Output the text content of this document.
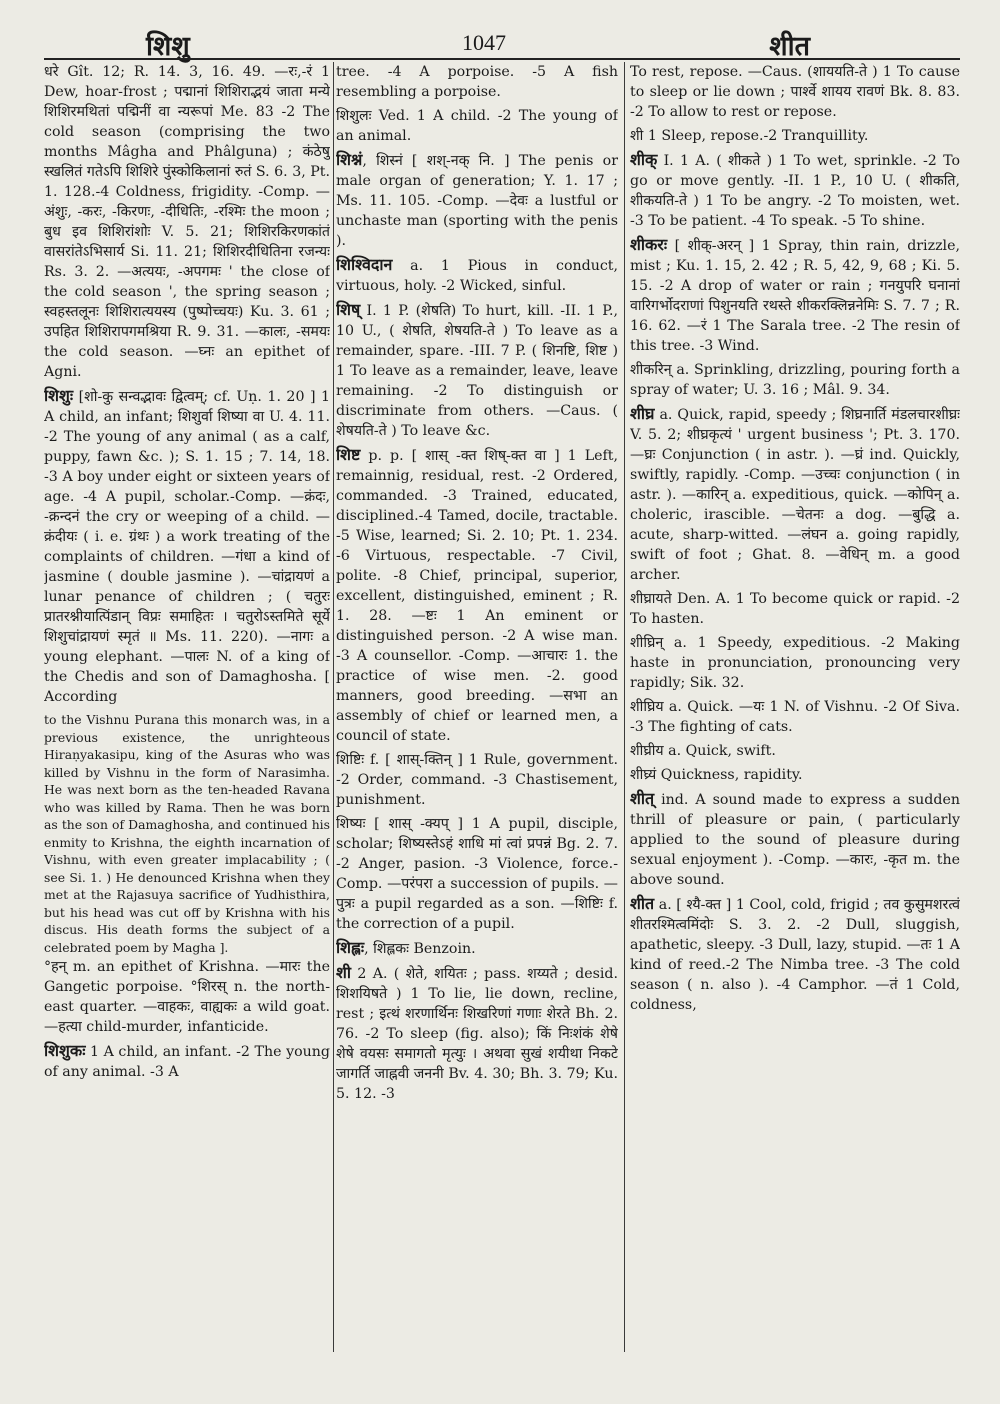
शिशु	1047	शीत

धरे Gît. 12; R. 14. 3, 16. 49. —रः,-रं 1 Dew, hoar-frost ; पद्मानां शिशिराद्भयं जाता मन्ये शिशिरमथितां पद्मिनीं वा न्यरूपां Me. 83 -2 The cold season (comprising the two months Mâgha and Phâlguna) ; कंठेषु स्खलितं गतेऽपि शिशिरे पुंस्कोकिलानां रुतं S. 6. 3, Pt. 1. 128.-4 Coldness, frigidity. -Comp. —अंशुः, -करः, -किरणः, -दीधितिः, -रश्मिः the moon ; बुध इव शिशिरांशोः V. 5. 21; शिशिरकिरणकांतं वासरांतेऽभिसार्य Si. 11. 21; शिशिरदीधितिना रजन्यः Rs. 3. 2. —अत्ययः, -अपगमः ' the close of the cold season ', the spring season ; स्वहस्तलूनः शिशिरात्ययस्य (पुष्पोच्चयः) Ku. 3. 61 ; उपहित शिशिरापगमश्रिया R. 9. 31. —कालः, -समयः the cold season. —घ्नः an epithet of Agni.

शिशुः [शो-कु सन्वद्भावः द्वित्वम्; cf. Uṇ. 1. 20 ] 1 A child, an infant; शिशुर्वा शिष्या वा U. 4. 11. -2 The young of any animal ( as a calf, puppy, fawn &c. ); S. 1. 15 ; 7. 14, 18. -3 A boy under eight or sixteen years of age. -4 A pupil, scholar.-Comp. —क्रंदः, -क्रन्दनं the cry or weeping of a child. —क्रंदीयः ( i. e. ग्रंथः ) a work treating of the complaints of children. —गंधा a kind of jasmine ( double jasmine ). —चांद्रायणं a lunar penance of children ; ( चतुरः प्रातरश्नीयात्पिंडान् विप्रः समाहितः । चतुरोऽस्तमिते सूर्ये शिशुचांद्रायणं स्मृतं ॥ Ms. 11. 220). —नागः a young elephant. —पालः N. of a king of the Chedis and son of Damaghosha. [ According

to the Vishnu Purana this monarch was, in a previous existence, the unrighteous Hiraṇyakasipu, king of the Asuras who was killed by Vishnu in the form of Narasimha. He was next born as the ten-headed Ravana who was killed by Rama. Then he was born as the son of Damaghosha, and continued his enmity to Krishna, the eighth incarnation of Vishnu, with even greater implacability ; ( see Si. 1. ) He denounced Krishna when they met at the Rajasuya sacrifice of Yudhisthira, but his head was cut off by Krishna with his discus. His death forms the subject of a celebrated poem by Magha ].

°हन् m. an epithet of Krishna. —मारः the Gangetic porpoise. °शिरस् n. the north-east quarter. —वाहकः, वाह्यकः a wild goat. —हत्या child-murder, infanticide.

शिशुकः 1 A child, an infant. -2 The young of any animal. -3 A

tree. -4 A porpoise. -5 A fish resembling a porpoise.

शिशुलः Ved. 1 A child. -2 The young of an animal.

शिश्नं, शिस्नं [ शश्-नक् नि. ] The penis or male organ of generation; Y. 1. 17 ; Ms. 11. 105. -Comp. —देवः a lustful or unchaste man (sporting with the penis ).

शिश्विदान a. 1 Pious in conduct, virtuous, holy. -2 Wicked, sinful.

शिष् I. 1 P. (शेषति) To hurt, kill. -II. 1 P., 10 U., ( शेषति, शेषयति-ते ) To leave as a remainder, spare. -III. 7 P. ( शिनष्टि, शिष्ट ) 1 To leave as a remainder, leave, leave remaining. -2 To distinguish or discriminate from others. —Caus. ( शेषयति-ते ) To leave &c.

शिष्ट p. p. [ शास् -क्त शिष्-क्त वा ] 1 Left, remainnig, residual, rest. -2 Ordered, commanded. -3 Trained, educated, disciplined.-4 Tamed, docile, tractable. -5 Wise, learned; Si. 2. 10; Pt. 1. 234. -6 Virtuous, respectable. -7 Civil, polite. -8 Chief, principal, superior, excellent, distinguished, eminent ; R. 1. 28. —ष्टः 1 An eminent or distinguished person. -2 A wise man. -3 A counsellor. -Comp. —आचारः 1. the practice of wise men. -2. good manners, good breeding. —सभा an assembly of chief or learned men, a council of state.

शिष्टिः f. [ शास्-क्तिन् ] 1 Rule, government. -2 Order, command. -3 Chastisement, punishment.

शिष्यः [ शास् -क्यप् ] 1 A pupil, disciple, scholar; शिष्यस्तेऽहं शाधि मां त्वां प्रपन्नं Bg. 2. 7. -2 Anger, pasion. -3 Violence, force.-Comp. —परंपरा a succession of pupils. —पुत्रः a pupil regarded as a son. —शिष्टिः f. the correction of a pupil.

शिह्लः, शिह्लकः Benzoin.

शी 2 A. ( शेते, शयितः ; pass. शय्यते ; desid. शिशयिषते ) 1 To lie, lie down, recline, rest ; इत्थं शरणार्थिनः शिखरिणां गणाः शेरते Bh. 2. 76. -2 To sleep (fig. also); किं निःशंकं शेषे शेषे वयसः समागतो मृत्युः । अथवा सुखं शयीथा निकटे जागर्ति जाह्नवी जननी Bv. 4. 30; Bh. 3. 79; Ku. 5. 12. -3

To rest, repose. —Caus. (शाययति-ते ) 1 To cause to sleep or lie down ; पार्श्वे शायय रावणं Bk. 8. 83. -2 To allow to rest or repose.

शी 1 Sleep, repose.-2 Tranquillity.

शीक् I. 1 A. ( शीकते ) 1 To wet, sprinkle. -2 To go or move gently. -II. 1 P., 10 U. ( शीकति, शीकयति-ते ) 1 To be angry. -2 To moisten, wet. -3 To be patient. -4 To speak. -5 To shine.

शीकरः [ शीक्-अरन् ] 1 Spray, thin rain, drizzle, mist ; Ku. 1. 15, 2. 42 ; R. 5, 42, 9, 68 ; Ki. 5. 15. -2 A drop of water or rain ; गनयुपरि घनानां वारिगर्भोदराणां पिशुनयति रथस्ते शीकरक्लिन्ननेमिः S. 7. 7 ; R. 16. 62. —रं 1 The Sarala tree. -2 The resin of this tree. -3 Wind.

शीकरिन् a. Sprinkling, drizzling, pouring forth a spray of water; U. 3. 16 ; Mâl. 9. 34.

शीघ्र a. Quick, rapid, speedy ; शिघ्रनार्ति मंडलचारशीघ्रः V. 5. 2; शीघ्रकृत्यं ' urgent business '; Pt. 3. 170. —घ्रः Conjunction ( in astr. ). —घ्रं ind. Quickly, swiftly, rapidly. -Comp. —उच्चः conjunction ( in astr. ). —कारिन् a. expeditious, quick. —कोपिन् a. choleric, irascible. —चेतनः a dog. —बुद्धि a. acute, sharp-witted. —लंघन a. going rapidly, swift of foot ; Ghat. 8. —वेधिन् m. a good archer.

शीघ्रायते Den. A. 1 To become quick or rapid. -2 To hasten.

शीघ्रिन् a. 1 Speedy, expeditious. -2 Making haste in pronunciation, pronouncing very rapidly; Sik. 32.

शीघ्रिय a. Quick. —यः 1 N. of Vishnu. -2 Of Siva. -3 The fighting of cats.

शीघ्रीय a. Quick, swift.

शीघ्र्यं Quickness, rapidity.

शीत् ind. A sound made to express a sudden thrill of pleasure or pain, ( particularly applied to the sound of pleasure during sexual enjoyment ). -Comp. —कारः, -कृत m. the above sound.

शीत a. [ श्यै-क्त ] 1 Cool, cold, frigid ; तव कुसुमशरत्वं शीतरश्मित्वमिंदोः S. 3. 2. -2 Dull, sluggish, apathetic, sleepy. -3 Dull, lazy, stupid. —तः 1 A kind of reed.-2 The Nimba tree. -3 The cold season ( n. also ). -4 Camphor. —तं 1 Cold, coldness,
